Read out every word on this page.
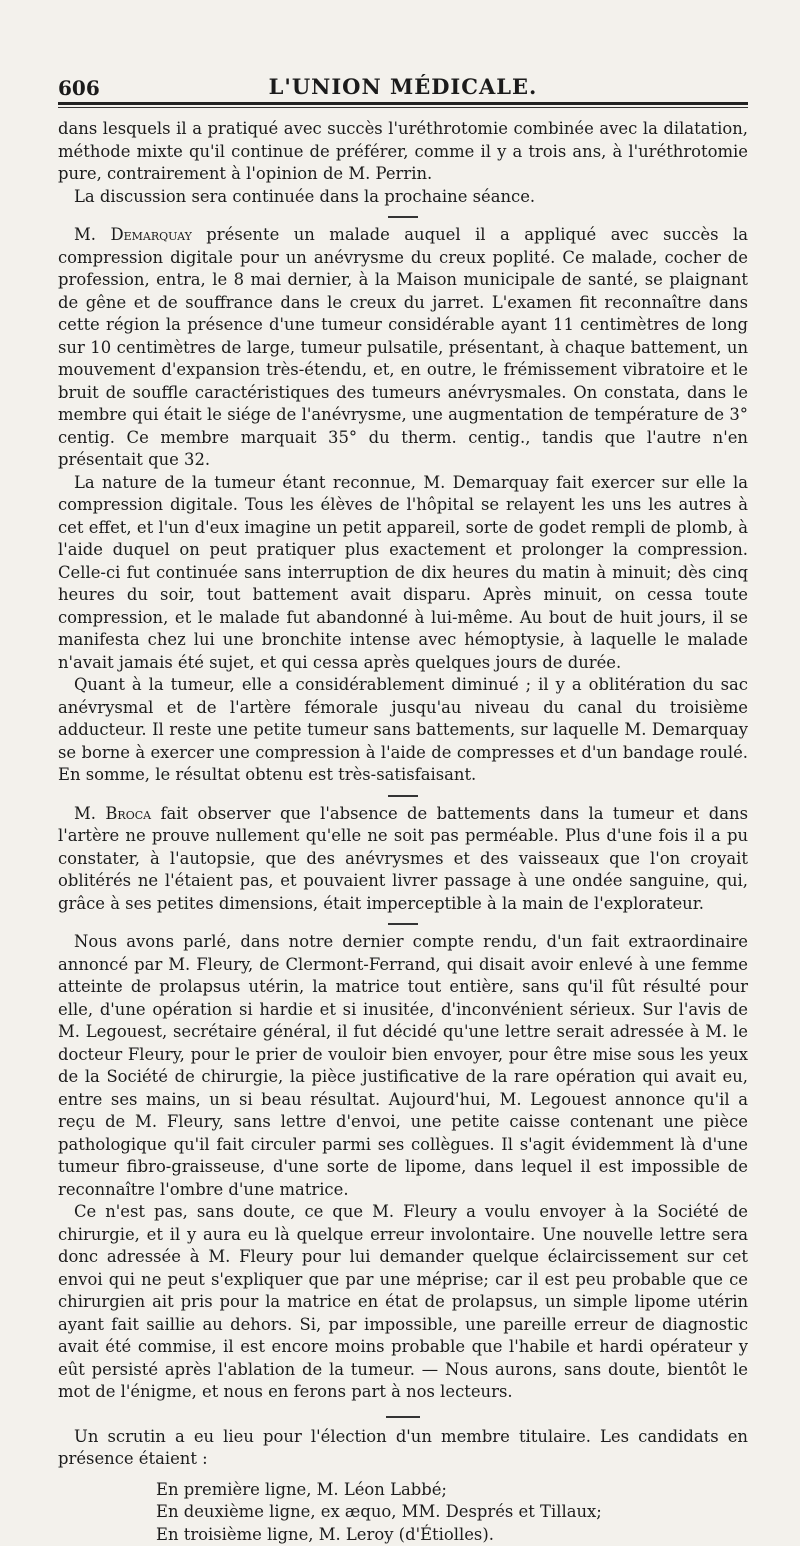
606	L'UNION MÉDICALE.

dans lesquels il a pratiqué avec succès l'uréthrotomie combinée avec la dilatation, méthode mixte qu'il continue de préférer, comme il y a trois ans, à l'uréthrotomie pure, contrairement à l'opinion de M. Perrin.

La discussion sera continuée dans la prochaine séance.

M. Demarquay présente un malade auquel il a appliqué avec succès la compression digitale pour un anévrysme du creux poplité. Ce malade, cocher de profession, entra, le 8 mai dernier, à la Maison municipale de santé, se plaignant de gêne et de souffrance dans le creux du jarret. L'examen fit reconnaître dans cette région la présence d'une tumeur considérable ayant 11 centimètres de long sur 10 centimètres de large, tumeur pulsatile, présentant, à chaque battement, un mouvement d'expansion très-étendu, et, en outre, le frémissement vibratoire et le bruit de souffle caractéristiques des tumeurs anévrysmales. On constata, dans le membre qui était le siége de l'anévrysme, une augmentation de température de 3° centig. Ce membre marquait 35° du therm. centig., tandis que l'autre n'en présentait que 32.

La nature de la tumeur étant reconnue, M. Demarquay fait exercer sur elle la compression digitale. Tous les élèves de l'hôpital se relayent les uns les autres à cet effet, et l'un d'eux imagine un petit appareil, sorte de godet rempli de plomb, à l'aide duquel on peut pratiquer plus exactement et prolonger la compression. Celle-ci fut continuée sans interruption de dix heures du matin à minuit; dès cinq heures du soir, tout battement avait disparu. Après minuit, on cessa toute compression, et le malade fut abandonné à lui-même. Au bout de huit jours, il se manifesta chez lui une bronchite intense avec hémoptysie, à laquelle le malade n'avait jamais été sujet, et qui cessa après quelques jours de durée.

Quant à la tumeur, elle a considérablement diminué ; il y a oblitération du sac anévrysmal et de l'artère fémorale jusqu'au niveau du canal du troisième adducteur. Il reste une petite tumeur sans battements, sur laquelle M. Demarquay se borne à exercer une compression à l'aide de compresses et d'un bandage roulé. En somme, le résultat obtenu est très-satisfaisant.

M. Broca fait observer que l'absence de battements dans la tumeur et dans l'artère ne prouve nullement qu'elle ne soit pas perméable. Plus d'une fois il a pu constater, à l'autopsie, que des anévrysmes et des vaisseaux que l'on croyait oblitérés ne l'étaient pas, et pouvaient livrer passage à une ondée sanguine, qui, grâce à ses petites dimensions, était imperceptible à la main de l'explorateur.

Nous avons parlé, dans notre dernier compte rendu, d'un fait extraordinaire annoncé par M. Fleury, de Clermont-Ferrand, qui disait avoir enlevé à une femme atteinte de prolapsus utérin, la matrice tout entière, sans qu'il fût résulté pour elle, d'une opération si hardie et si inusitée, d'inconvénient sérieux. Sur l'avis de M. Legouest, secrétaire général, il fut décidé qu'une lettre serait adressée à M. le docteur Fleury, pour le prier de vouloir bien envoyer, pour être mise sous les yeux de la Société de chirurgie, la pièce justificative de la rare opération qui avait eu, entre ses mains, un si beau résultat. Aujourd'hui, M. Legouest annonce qu'il a reçu de M. Fleury, sans lettre d'envoi, une petite caisse contenant une pièce pathologique qu'il fait circuler parmi ses collègues. Il s'agit évidemment là d'une tumeur fibro-graisseuse, d'une sorte de lipome, dans lequel il est impossible de reconnaître l'ombre d'une matrice.

Ce n'est pas, sans doute, ce que M. Fleury a voulu envoyer à la Société de chirurgie, et il y aura eu là quelque erreur involontaire. Une nouvelle lettre sera donc adressée à M. Fleury pour lui demander quelque éclaircissement sur cet envoi qui ne peut s'expliquer que par une méprise; car il est peu probable que ce chirurgien ait pris pour la matrice en état de prolapsus, un simple lipome utérin ayant fait saillie au dehors. Si, par impossible, une pareille erreur de diagnostic avait été commise, il est encore moins probable que l'habile et hardi opérateur y eût persisté après l'ablation de la tumeur. — Nous aurons, sans doute, bientôt le mot de l'énigme, et nous en ferons part à nos lecteurs.

Un scrutin a eu lieu pour l'élection d'un membre titulaire. Les candidats en présence étaient :

En première ligne, M. Léon Labbé;
En deuxième ligne, ex æquo, MM. Després et Tillaux;
En troisième ligne, M. Leroy (d'Étiolles).
